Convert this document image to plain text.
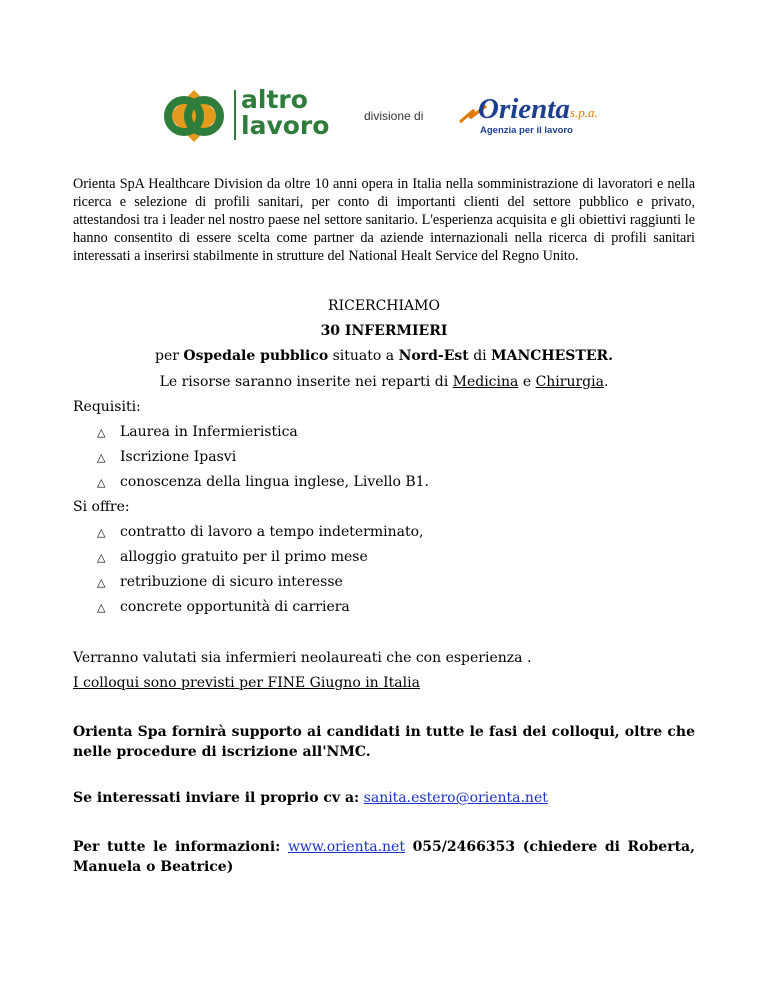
altro
lavoro	divisione di Orienta s.p.a.
Agenzia per il lavoro
Orienta SpA Healthcare Division da oltre 10 anni opera in Italia nella somministrazione di lavoratori e nella ricerca e selezione di profili sanitari, per conto di importanti clienti del settore pubblico e privato, attestandosi tra i leader nel nostro paese nel settore sanitario. L'esperienza acquisita e gli obiettivi raggiunti le hanno consentito di essere scelta come partner da aziende internazionali nella ricerca di profili sanitari interessati a inserirsi stabilmente in strutture del National Healt Service del Regno Unito.
RICERCHIAMO
30 INFERMIERI
per Ospedale pubblico situato a Nord-Est di MANCHESTER.
Le risorse saranno inserite nei reparti di Medicina e Chirurgia.
Requisiti:
△ Laurea in Infermieristica
△ Iscrizione Ipasvi
△ conoscenza della lingua inglese, Livello B1.
Si offre:
△ contratto di lavoro a tempo indeterminato,
△ alloggio gratuito per il primo mese
△ retribuzione di sicuro interesse
△ concrete opportunità di carriera
Verranno valutati sia infermieri neolaureati che con esperienza .
I colloqui sono previsti per FINE Giugno in Italia
Orienta Spa fornirà supporto ai candidati in tutte le fasi dei colloqui, oltre che nelle procedure di iscrizione all'NMC.
Se interessati inviare il proprio cv a: sanita.estero@orienta.net
Per tutte le informazioni: www.orienta.net 055/2466353 (chiedere di Roberta, Manuela o Beatrice)
